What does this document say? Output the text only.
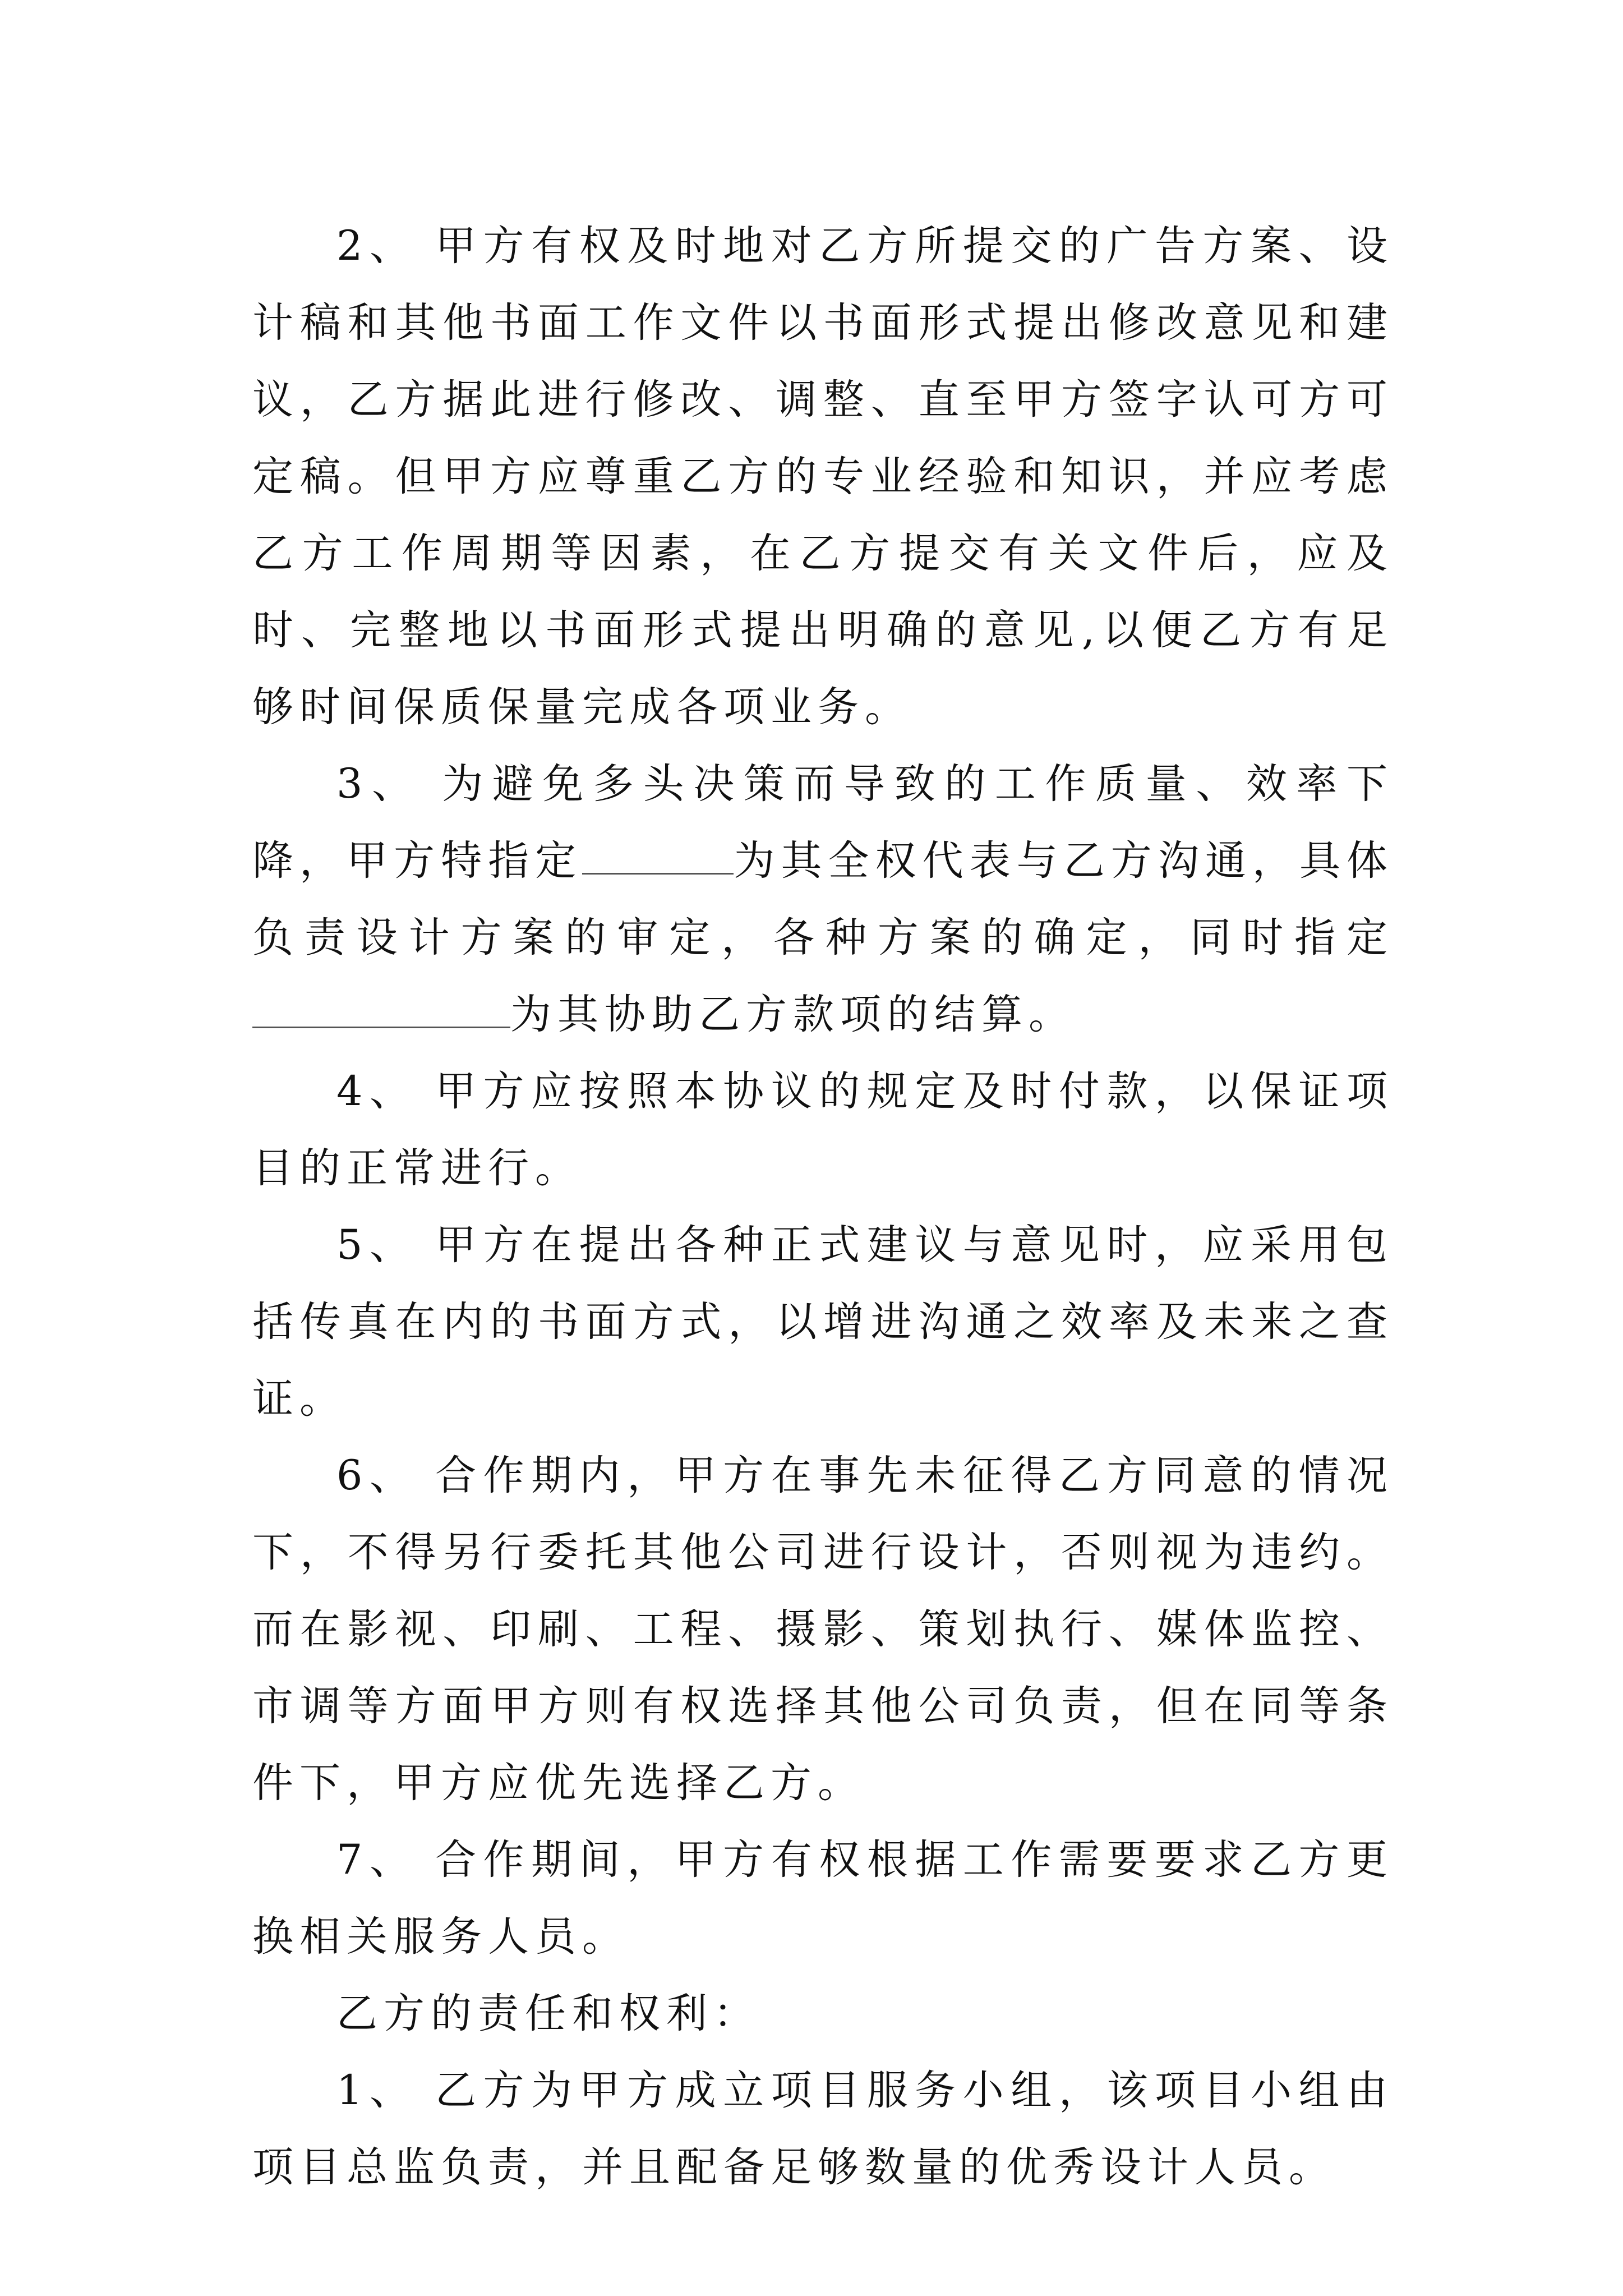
2、 甲方有权及时地对乙方所提交的广告方案、设计稿和其他书面工作文件以书面形式提出修改意见和建议，乙方据此进行修改、调整、直至甲方签字认可方可定稿。但甲方应尊重乙方的专业经验和知识，并应考虑乙方工作周期等因素，在乙方提交有关文件后，应及时、完整地以书面形式提出明确的意见,以便乙方有足够时间保质保量完成各项业务。

3、 为避免多头决策而导致的工作质量、效率下降，甲方特指定	为其全权代表与乙方沟通，具体负责设计方案的审定，各种方案的确定，同时指定为其协助乙方款项的结算。

4、 甲方应按照本协议的规定及时付款，以保证项目的正常进行。

5、 甲方在提出各种正式建议与意见时，应采用包括传真在内的书面方式，以增进沟通之效率及未来之查证。

6、 合作期内，甲方在事先未征得乙方同意的情况下，不得另行委托其他公司进行设计，否则视为违约。而在影视、印刷、工程、摄影、策划执行、媒体监控、市调等方面甲方则有权选择其他公司负责，但在同等条件下，甲方应优先选择乙方。

7、 合作期间，甲方有权根据工作需要要求乙方更换相关服务人员。

乙方的责任和权利：

1、 乙方为甲方成立项目服务小组，该项目小组由项目总监负责，并且配备足够数量的优秀设计人员。
